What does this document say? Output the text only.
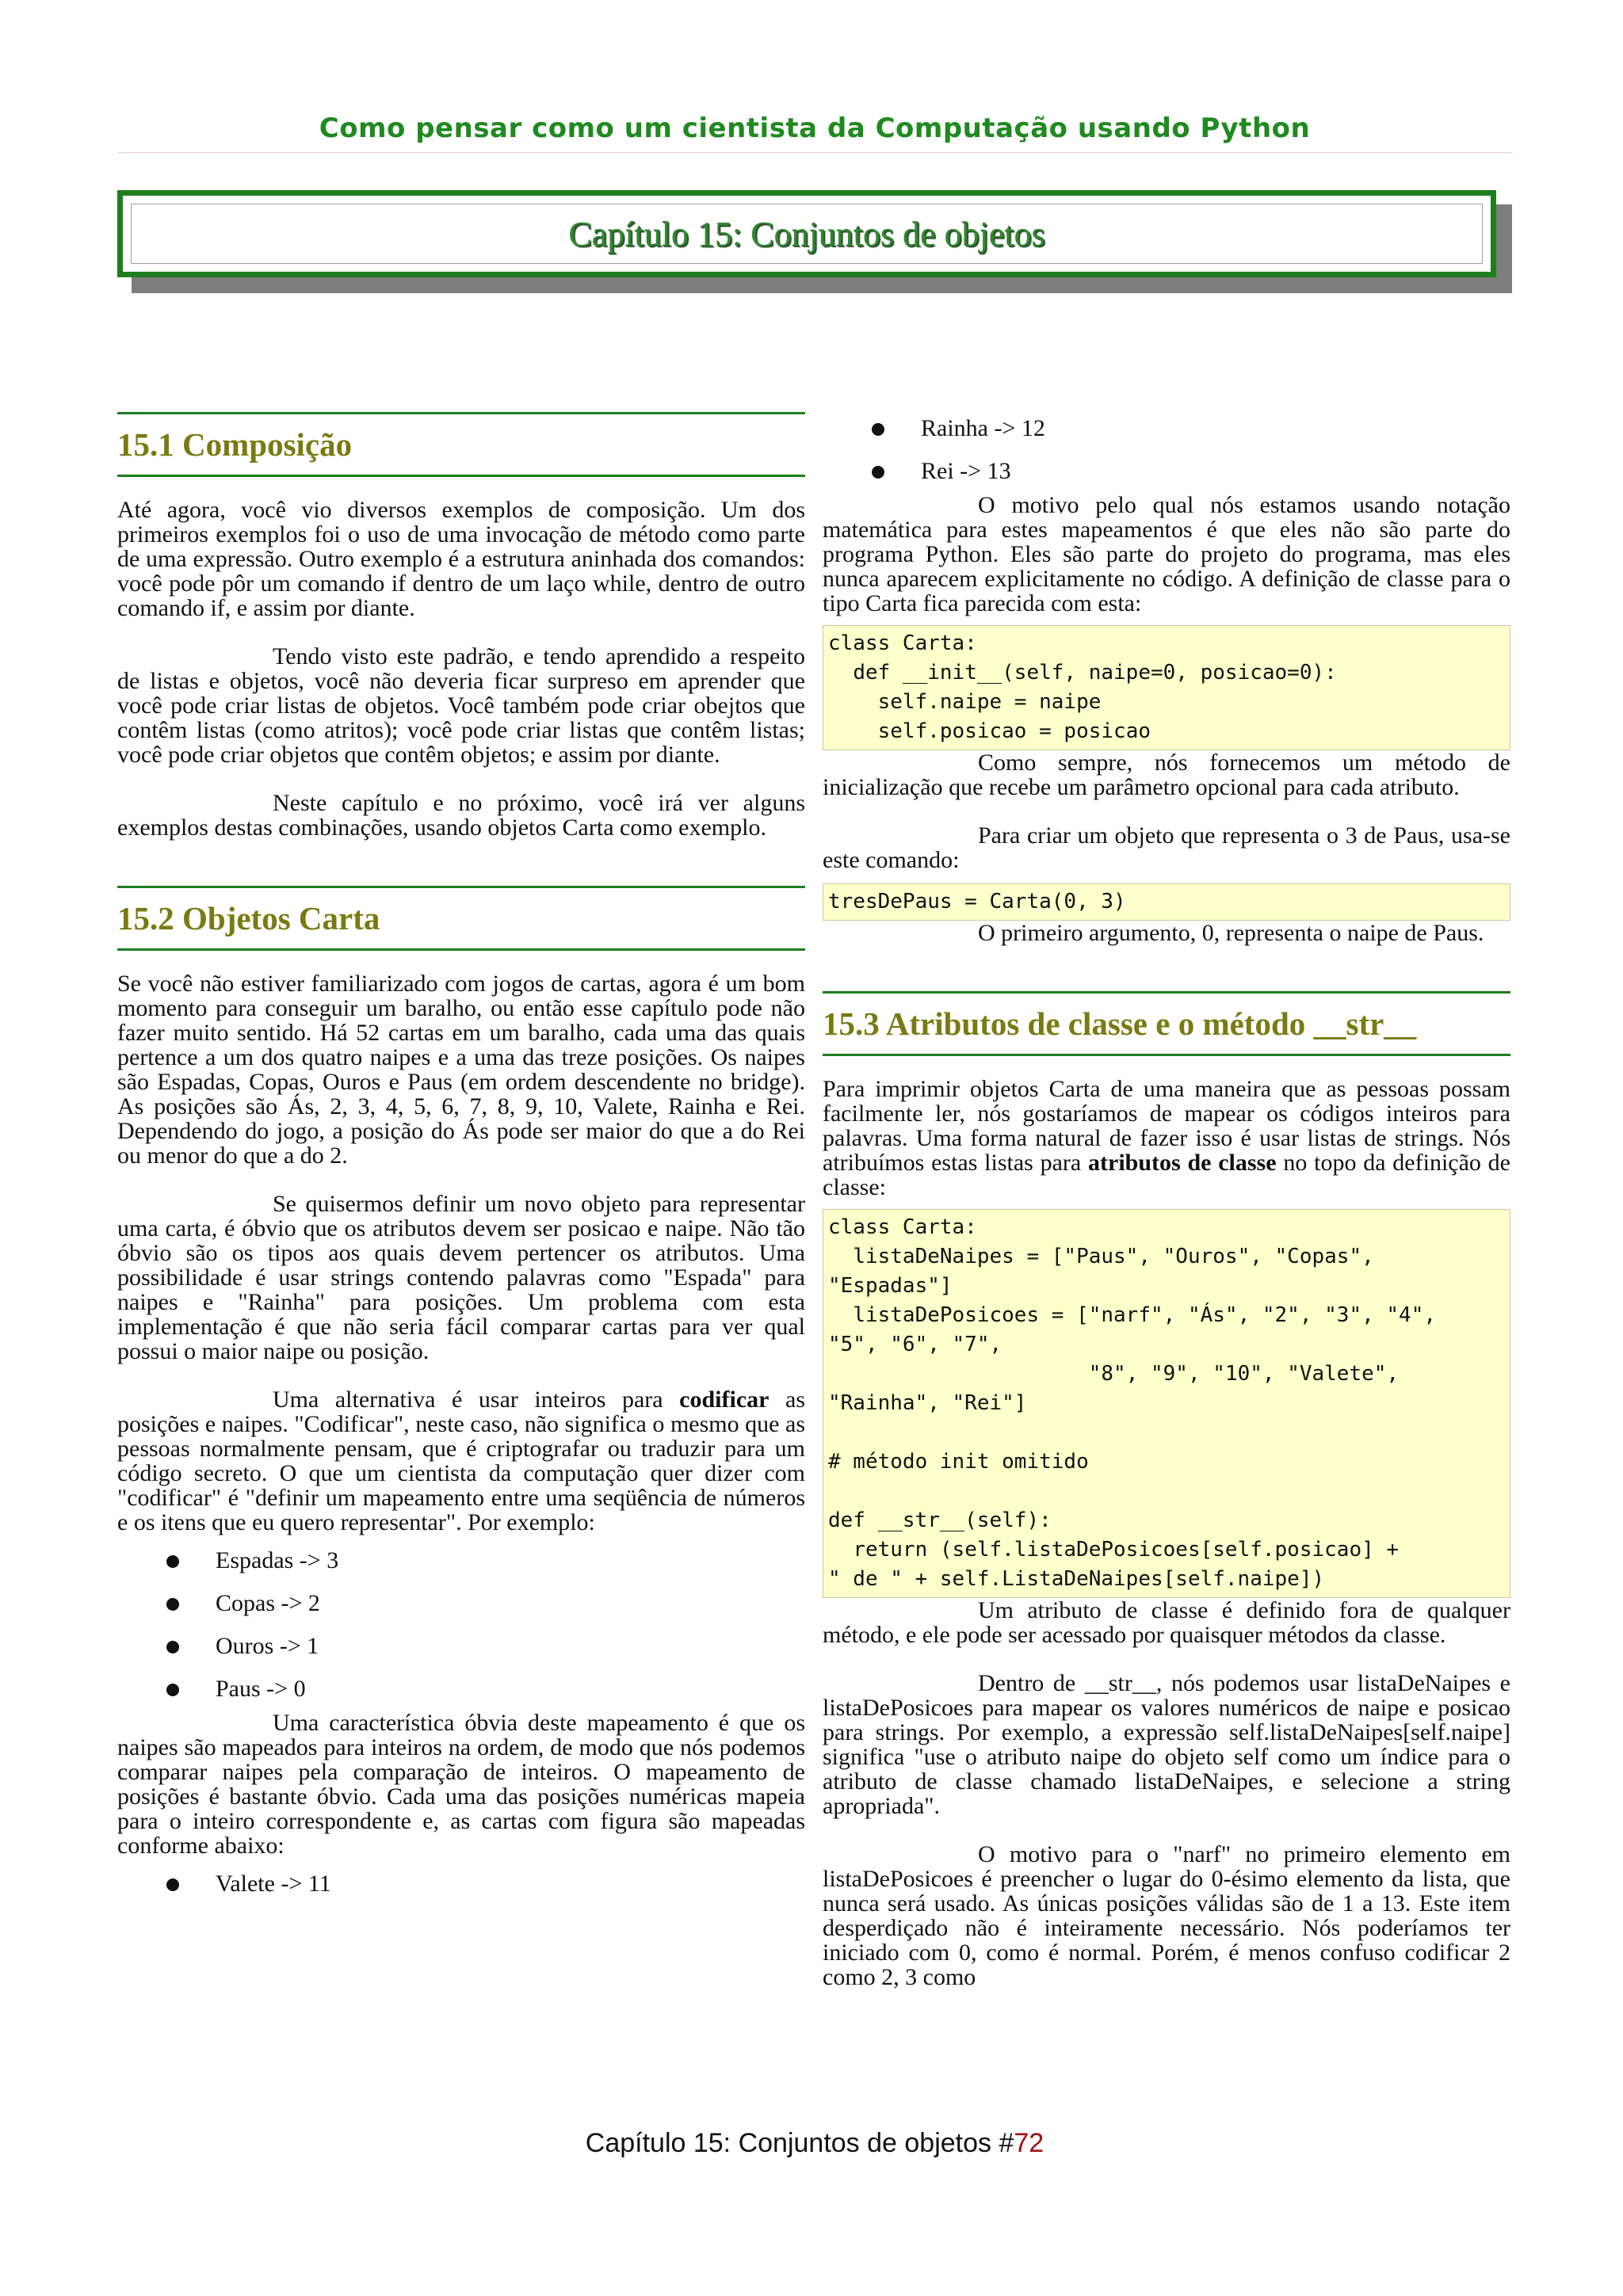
Como pensar como um cientista da Computação usando Python
Capítulo 15: Conjuntos de objetos
15.1 Composição

Até agora, você vio diversos exemplos de composição. Um dos primeiros exemplos foi o uso de uma invocação de método como parte de uma expressão. Outro exemplo é a estrutura aninhada dos comandos: você pode pôr um comando if dentro de um laço while, dentro de outro comando if, e assim por diante.

Tendo visto este padrão, e tendo aprendido a respeito de listas e objetos, você não deveria ficar surpreso em aprender que você pode criar listas de objetos. Você também pode criar obejtos que contêm listas (como atritos); você pode criar listas que contêm listas; você pode criar objetos que contêm objetos; e assim por diante.

Neste capítulo e no próximo, você irá ver alguns exemplos destas combinações, usando objetos Carta como exemplo.

15.2 Objetos Carta

Se você não estiver familiarizado com jogos de cartas, agora é um bom momento para conseguir um baralho, ou então esse capítulo pode não fazer muito sentido. Há 52 cartas em um baralho, cada uma das quais pertence a um dos quatro naipes e a uma das treze posições. Os naipes são Espadas, Copas, Ouros e Paus (em ordem descendente no bridge). As posições são Ás, 2, 3, 4, 5, 6, 7, 8, 9, 10, Valete, Rainha e Rei. Dependendo do jogo, a posição do Ás pode ser maior do que a do Rei ou menor do que a do 2.

Se quisermos definir um novo objeto para representar uma carta, é óbvio que os atributos devem ser posicao e naipe. Não tão óbvio são os tipos aos quais devem pertencer os atributos. Uma possibilidade é usar strings contendo palavras como "Espada" para naipes e "Rainha" para posições. Um problema com esta implementação é que não seria fácil comparar cartas para ver qual possui o maior naipe ou posição.

Uma alternativa é usar inteiros para codificar as posições e naipes. "Codificar", neste caso, não significa o mesmo que as pessoas normalmente pensam, que é criptografar ou traduzir para um código secreto. O que um cientista da computação quer dizer com "codificar" é "definir um mapeamento entre uma seqüência de números e os itens que eu quero representar". Por exemplo:

Espadas -> 3
Copas -> 2
Ouros -> 1
Paus -> 0

Uma característica óbvia deste mapeamento é que os naipes são mapeados para inteiros na ordem, de modo que nós podemos comparar naipes pela comparação de inteiros. O mapeamento de posições é bastante óbvio. Cada uma das posições numéricas mapeia para o inteiro correspondente e, as cartas com figura são mapeadas conforme abaixo:

Valete -> 11
Rainha -> 12
Rei -> 13

O motivo pelo qual nós estamos usando notação matemática para estes mapeamentos é que eles não são parte do programa Python. Eles são parte do projeto do programa, mas eles nunca aparecem explicitamente no código. A definição de classe para o tipo Carta fica parecida com esta:

class Carta:
def __init__(self, naipe=0, posicao=0):
self.naipe = naipe
self.posicao = posicao

Como sempre, nós fornecemos um método de inicialização que recebe um parâmetro opcional para cada atributo.

Para criar um objeto que representa o 3 de Paus, usa-se este comando:

tresDePaus = Carta(0, 3)

O primeiro argumento, 0, representa o naipe de Paus.

15.3 Atributos de classe e o método __str__

Para imprimir objetos Carta de uma maneira que as pessoas possam facilmente ler, nós gostaríamos de mapear os códigos inteiros para palavras. Uma forma natural de fazer isso é usar listas de strings. Nós atribuímos estas listas para atributos de classe no topo da definição de classe:

class Carta:
listaDeNaipes = ["Paus", "Ouros", "Copas",
"Espadas"]
listaDePosicoes = ["narf", "Ás", "2", "3", "4",
"5", "6", "7",
"8", "9", "10", "Valete",
"Rainha", "Rei"]

# método init omitido

def __str__(self):
return (self.listaDePosicoes[self.posicao] +
" de " + self.ListaDeNaipes[self.naipe])

Um atributo de classe é definido fora de qualquer método, e ele pode ser acessado por quaisquer métodos da classe.

Dentro de __str__, nós podemos usar listaDeNaipes e listaDePosicoes para mapear os valores numéricos de naipe e posicao para strings. Por exemplo, a expressão self.listaDeNaipes[self.naipe] significa "use o atributo naipe do objeto self como um índice para o atributo de classe chamado listaDeNaipes, e selecione a string apropriada".

O motivo para o "narf" no primeiro elemento em listaDePosicoes é preencher o lugar do 0-ésimo elemento da lista, que nunca será usado. As únicas posições válidas são de 1 a 13. Este item desperdiçado não é inteiramente necessário. Nós poderíamos ter iniciado com 0, como é normal. Porém, é menos confuso codificar 2 como 2, 3 como

Capítulo 15: Conjuntos de objetos #72
